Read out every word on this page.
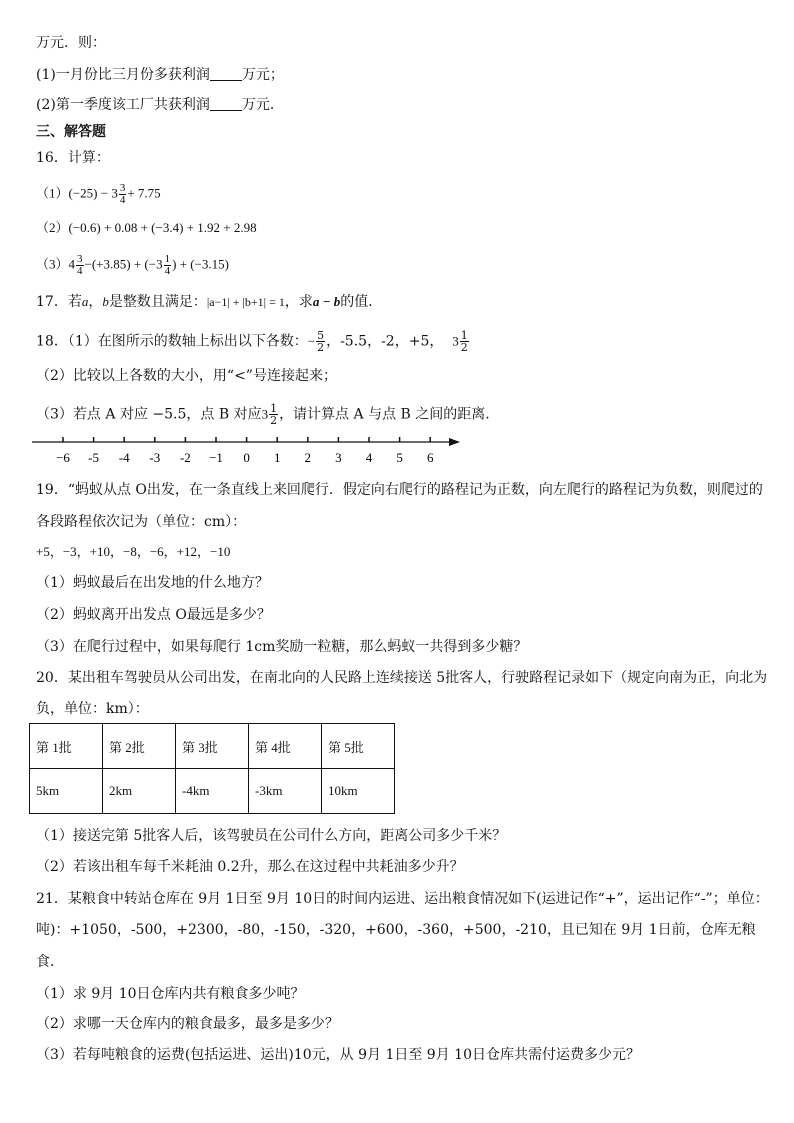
万元．则：
(1)一月份比三月份多获利润 万元；
(2)第一季度该工厂共获利润 万元．
三、解答题
16．计算：
$(1)(-25) - 3 \frac{3}{4} + 7.75$
（2）(−0.6) + 0.08 + (−3.4) + 1.92 + 2.98
$(3)4 \frac{3}{4} -(+3.85) + (-3 \frac{1}{4}$ ) + (−3.15)
17．若a，b是整数且满足：|a−1| + |b+1| = 1，求a − b的值．
18．（1）在图所示的数轴上标出以下各数：− $\frac{5}{2}$ ，-5.5，-2，+5， $3 \frac{1}{2}$
（2）比较以上各数的大小，用“<”号连接起来；
（3）若点 A 对应 −5.5，点 B 对应$3 \frac{1}{2}$ ，请计算点 A 与点 B 之间的距离．
−6 -5 -4 -3 -2 −1 0 1 2 3 4 5 6
19．“蚂蚁从点 O出发，在一条直线上来回爬行．假定向右爬行的路程记为正数，向左爬行的路程记为负数，则爬过的
各段路程依次记为（单位：cm）：
+5，−3，+10，−8，−6，+12，−10
（1）蚂蚁最后在出发地的什么地方？
（2）蚂蚁离开出发点 O最远是多少？
（3）在爬行过程中，如果每爬行 1cm奖励一粒糖，那么蚂蚁一共得到多少糖？
20．某出租车驾驶员从公司出发，在南北向的人民路上连续接送 5批客人，行驶路程记录如下（规定向南为正，向北为
负，单位：km）：
第 1批	第 2批	第 3批	第 4批	第 5批
5km	2km	-4km	-3km	10km
（1）接送完第 5批客人后，该驾驶员在公司什么方向，距离公司多少千米？
（2）若该出租车每千米耗油 0.2升，那么在这过程中共耗油多少升？
21．某粮食中转站仓库在 9月 1日至 9月 10日的时间内运进、运出粮食情况如下(运进记作“+”，运出记作“-”；单位：
吨)：+1050，-500，+2300，-80，-150，-320，+600，-360，+500，-210，且已知在 9月 1日前，仓库无粮
食．
（1）求 9月 10日仓库内共有粮食多少吨？
（2）求哪一天仓库内的粮食最多，最多是多少？
（3）若每吨粮食的运费(包括运进、运出)10元，从 9月 1日至 9月 10日仓库共需付运费多少元？
